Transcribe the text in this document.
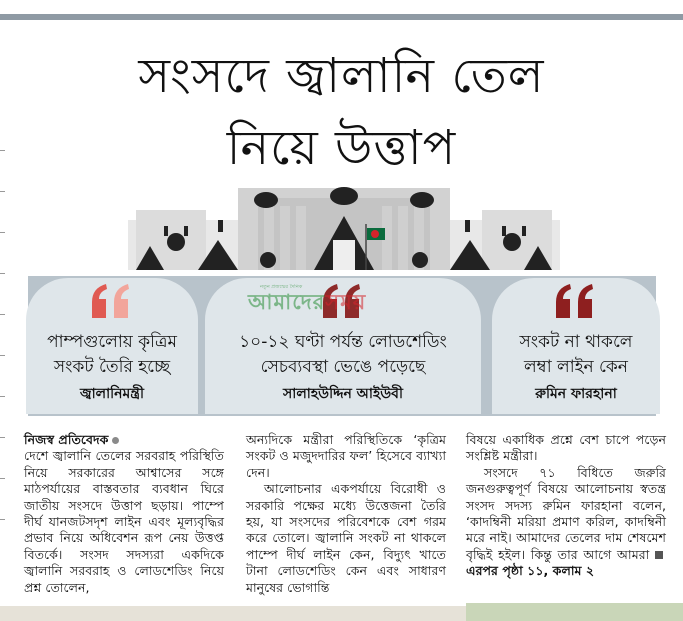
সংসদে জ্বালানি তেল
নিয়ে উত্তাপ
পাম্পগুলোয় কৃত্রিম
সংকট তৈরি হচ্ছে
জ্বালানিমন্ত্রী
১০-১২ ঘণ্টা পর্যন্ত লোডশেডিং
সেচব্যবস্থা ভেঙে পড়েছে
সালাহউদ্দিন আইউবী
সংকট না থাকলে
লম্বা লাইন কেন
রুমিন ফারহানা
নতুন প্রজন্মের দৈনিক
আমাদেরসময়
নিজস্ব প্রতিবেদক
দেশে জ্বালানি তেলের সরবরাহ পরিস্থিতি নিয়ে সরকারের আশ্বাসের সঙ্গে মাঠপর্যায়ের বাস্তবতার ব্যবধান ঘিরে জাতীয় সংসদে উত্তাপ ছড়ায়। পাম্পে দীর্ঘ যানজটসদৃশ লাইন এবং মূল্যবৃদ্ধির প্রভাব নিয়ে অধিবেশন রূপ নেয় উত্তপ্ত বিতর্কে। সংসদ সদস্যরা একদিকে জ্বালানি সরবরাহ ও লোডশেডিং নিয়ে প্রশ্ন তোলেন,
অন্যদিকে মন্ত্রীরা পরিস্থিতিকে ‘কৃত্রিম সংকট ও মজুদদারির ফল’ হিসেবে ব্যাখ্যা দেন।
আলোচনার একপর্যায়ে বিরোধী ও সরকারি পক্ষের মধ্যে উত্তেজনা তৈরি হয়, যা সংসদের পরিবেশকে বেশ গরম করে তোলে। জ্বালানি সংকট না থাকলে পাম্পে দীর্ঘ লাইন কেন, বিদ্যুৎ খাতে টানা লোডশেডিং কেন এবং সাধারণ মানুষের ভোগান্তি
বিষয়ে একাধিক প্রশ্নে বেশ চাপে পড়েন সংশ্লিষ্ট মন্ত্রীরা।
সংসদে ৭১ বিধিতে জরুরি জনগুরুত্বপূর্ণ বিষয়ে আলোচনায় স্বতন্ত্র সংসদ সদস্য রুমিন ফারহানা বলেন, ‘কাদম্বিনী মরিয়া প্রমাণ করিল, কাদম্বিনী মরে নাই। আমাদের তেলের দাম শেষমেশ বৃদ্ধিই হইল। কিন্তু তার আগে আমরা এরপর পৃষ্ঠা ১১, কলাম ২
